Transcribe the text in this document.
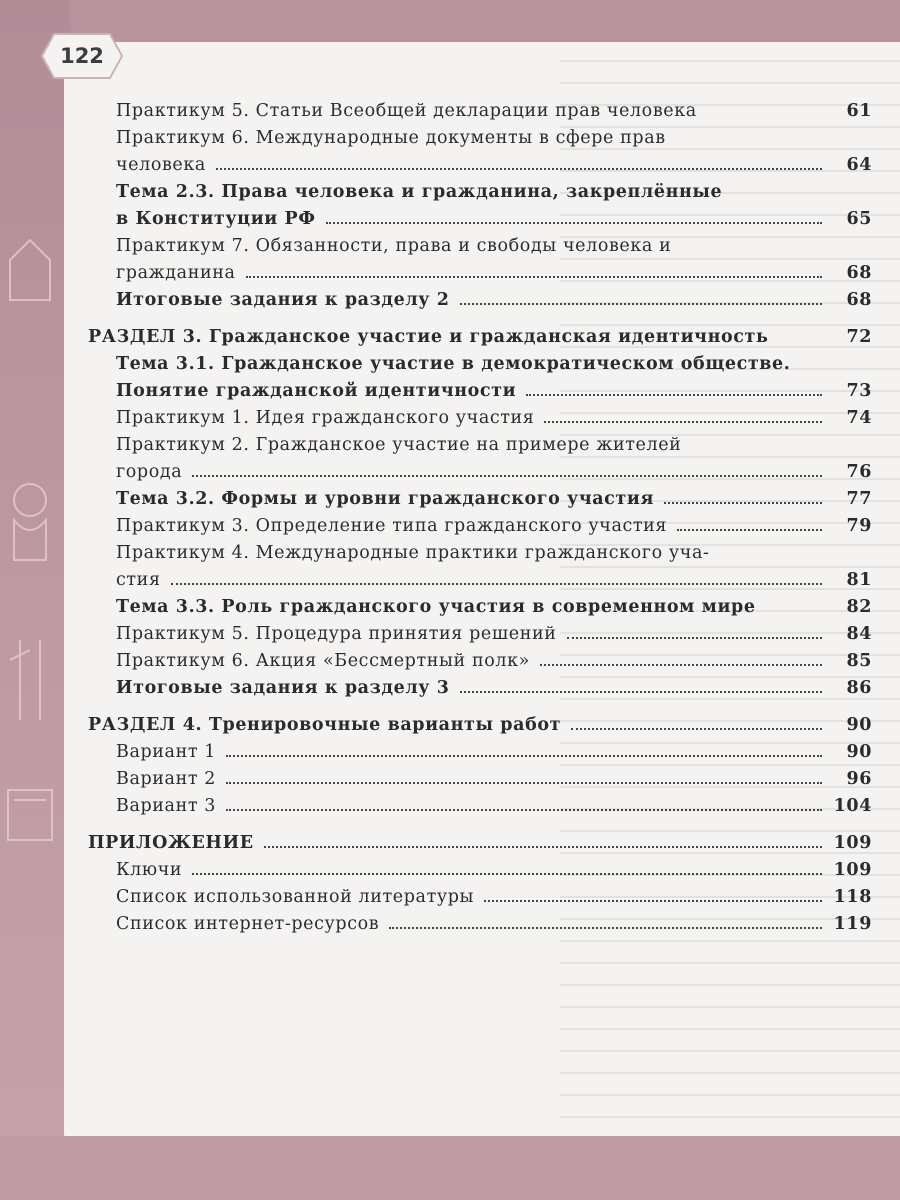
122
Практикум 5. Статьи Всеобщей декларации прав человека	61
Практикум 6. Международные документы в сфере прав
человека	64
Тема 2.3. Права человека и гражданина, закреплённые
в Конституции РФ	65
Практикум 7. Обязанности, права и свободы человека и
гражданина	68
Итоговые задания к разделу 2	68
РАЗДЕЛ 3. Гражданское участие и гражданская идентичность	72
Тема 3.1. Гражданское участие в демократическом обществе.
Понятие гражданской идентичности	73
Практикум 1. Идея гражданского участия	74
Практикум 2. Гражданское участие на примере жителей
города	76
Тема 3.2. Формы и уровни гражданского участия	77
Практикум 3. Определение типа гражданского участия	79
Практикум 4. Международные практики гражданского уча-
стия	81
Тема 3.3. Роль гражданского участия в современном мире	82
Практикум 5. Процедура принятия решений	84
Практикум 6. Акция «Бессмертный полк»	85
Итоговые задания к разделу 3	86
РАЗДЕЛ 4. Тренировочные варианты работ	90
Вариант 1	90
Вариант 2	96
Вариант 3	104
ПРИЛОЖЕНИЕ	109
Ключи	109
Список использованной литературы	118
Список интернет-ресурсов	119
